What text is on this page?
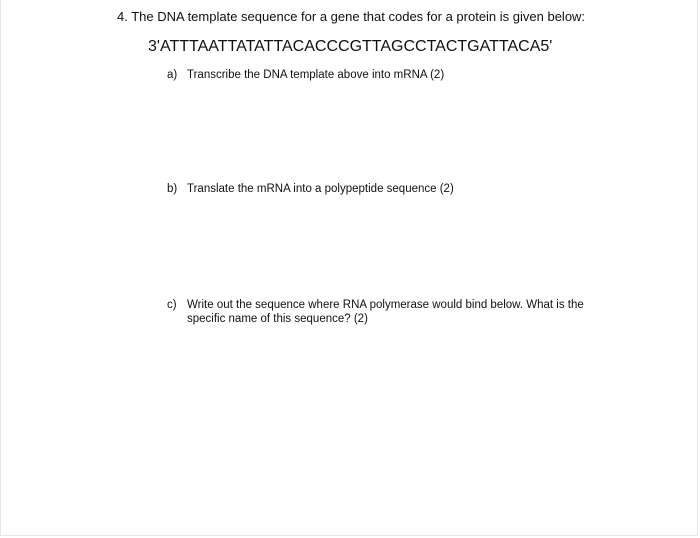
4. The DNA template sequence for a gene that codes for a protein is given below:
3'ATTTAATTATATTACACCCGTTAGCCTACTGATTACA5'
a) Transcribe the DNA template above into mRNA (2)
b) Translate the mRNA into a polypeptide sequence (2)
c) Write out the sequence where RNA polymerase would bind below. What is the specific name of this sequence? (2)
